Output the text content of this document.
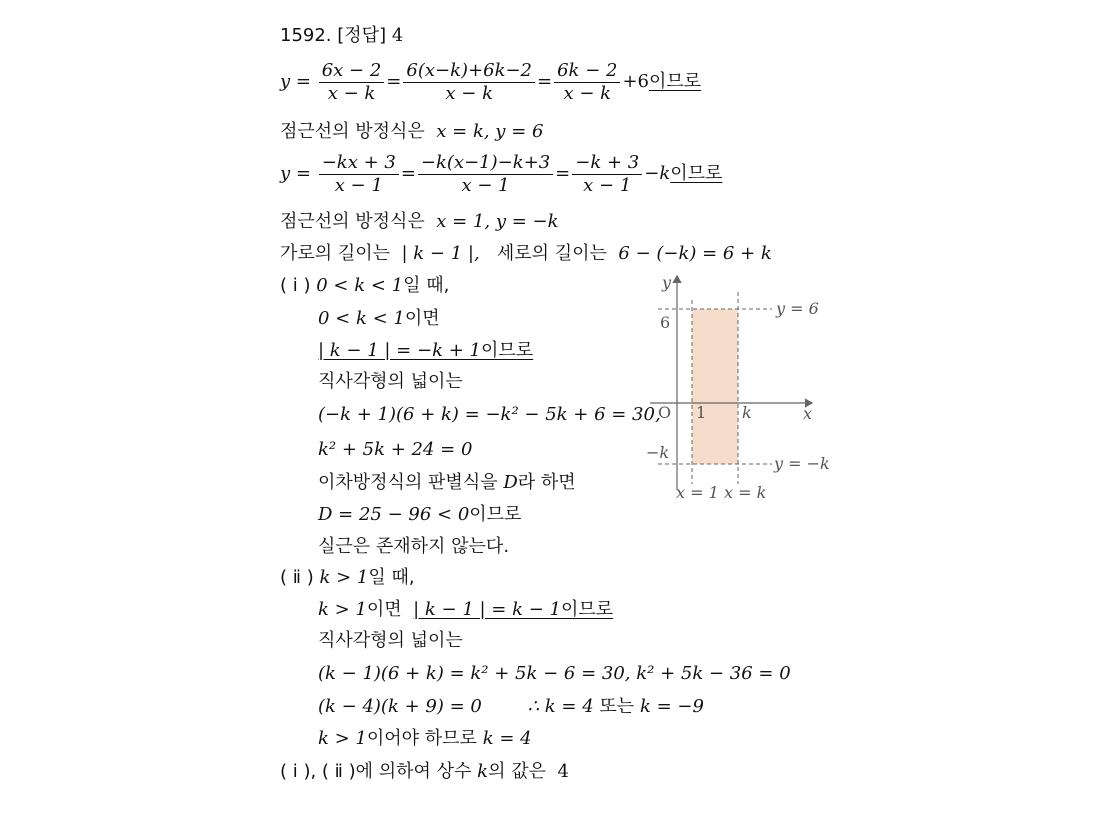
1592. [정답] 4
$y = \frac{6x - 2}{x - k} = \frac{6(x-k)+6k-2}{x - k} = \frac{6k - 2}{x - k} +6$ 이므로
점근선의 방정식은 x = k, y = 6
$y = \frac{-kx + 3}{x - 1} = \frac{-k(x-1)-k+3}{x - 1} = \frac{-k + 3}{x - 1} -k$ 이므로
점근선의 방정식은 x = 1, y = −k
가로의 길이는 | k − 1 |, 세로의 길이는 6 − (−k) = 6 + k
( ⅰ ) 0 < k < 1일 때,
0 < k < 1이면
| k − 1 | = −k + 1이므로
직사각형의 넓이는
(−k + 1)(6 + k) = −k² − 5k + 6 = 30,
k² + 5k + 24 = 0
이차방정식의 판별식을 D라 하면
D = 25 − 96 < 0이므로
실근은 존재하지 않는다.
( ⅱ ) k > 1일 때,
k > 1이면 | k − 1 | = k − 1이므로
직사각형의 넓이는
(k − 1)(6 + k) = k² + 5k − 6 = 30, k² + 5k − 36 = 0
(k − 4)(k + 9) = 0	∴ k = 4 또는 k = −9
k > 1이어야 하므로 k = 4
( ⅰ ), ( ⅱ )에 의하여 상수 k의 값은 4
y
x
O
6
−k
1 k
y = 6
y = −k
x = 1 x = k
